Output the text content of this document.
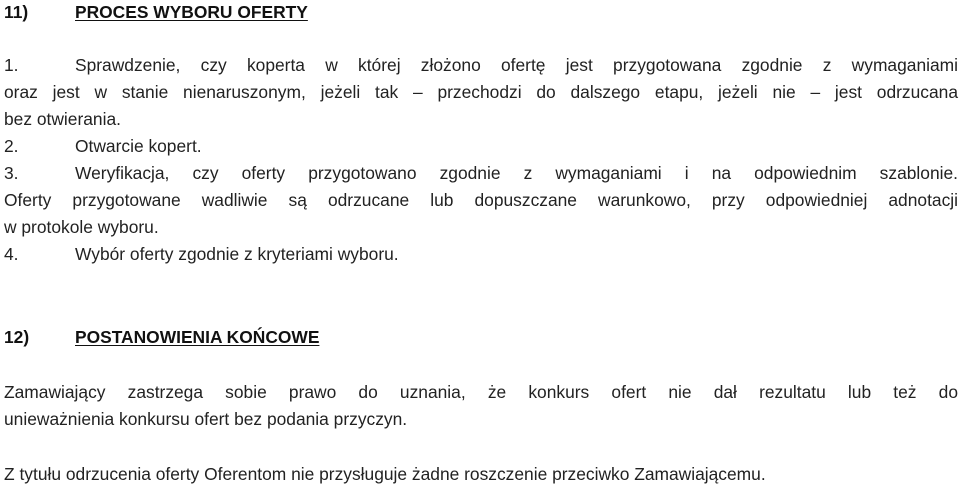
11)	PROCES WYBORU OFERTY

1.	Sprawdzenie, czy koperta w której złożono ofertę jest przygotowana zgodnie z wymaganiami

oraz jest w stanie nienaruszonym, jeżeli tak – przechodzi do dalszego etapu, jeżeli nie – jest odrzucana

bez otwierania.

2.	Otwarcie kopert.

3.	Weryfikacja, czy oferty przygotowano zgodnie z wymaganiami i na odpowiednim szablonie.

Oferty przygotowane wadliwie są odrzucane lub dopuszczane warunkowo, przy odpowiedniej adnotacji

w protokole wyboru.

4.	Wybór oferty zgodnie z kryteriami wyboru.

12)	POSTANOWIENIA KOŃCOWE

Zamawiający zastrzega sobie prawo do uznania, że konkurs ofert nie dał rezultatu lub też do

unieważnienia konkursu ofert bez podania przyczyn.

Z tytułu odrzucenia oferty Oferentom nie przysługuje żadne roszczenie przeciwko Zamawiającemu.
